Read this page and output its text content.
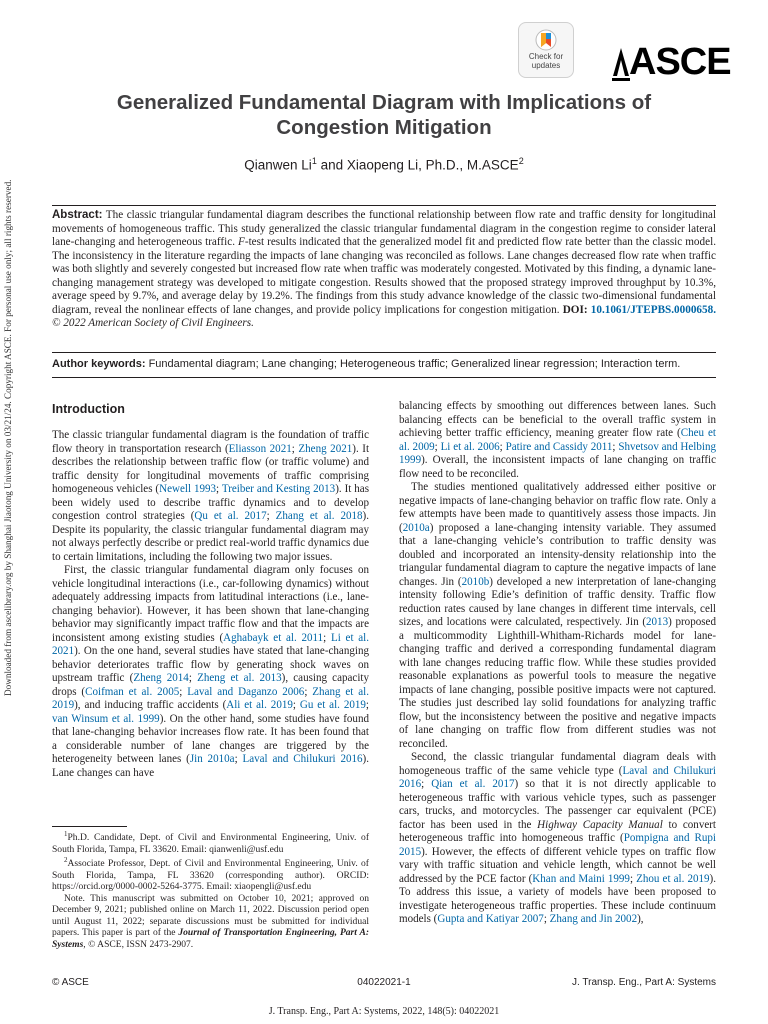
Downloaded from ascelibrary.org by Shanghai Jiaotong University on 03/21/24. Copyright ASCE. For personal use only; all rights reserved.
Check for
updates	ASCE
Generalized Fundamental Diagram with Implications of
Congestion Mitigation
Qianwen Li$^1$ and Xiaopeng Li, Ph.D., M.ASCE$^2$
Abstract: The classic triangular fundamental diagram describes the functional relationship between flow rate and traffic density for longitudinal movements of homogeneous traffic. This study generalized the classic triangular fundamental diagram in the congestion regime to consider lateral lane-changing and heterogeneous traffic. F-test results indicated that the generalized model fit and predicted flow rate better than the classic model. The inconsistency in the literature regarding the impacts of lane changing was reconciled as follows. Lane changes decreased flow rate when traffic was both slightly and severely congested but increased flow rate when traffic was moderately congested. Motivated by this finding, a dynamic lane-changing management strategy was developed to mitigate congestion. Results showed that the proposed strategy improved throughput by 10.3%, average speed by 9.7%, and average delay by 19.2%. The findings from this study advance knowledge of the classic two-dimensional fundamental diagram, reveal the nonlinear effects of lane changes, and provide policy implications for congestion mitigation. DOI: 10.1061/JTEPBS.0000658. © 2022 American Society of Civil Engineers.
Author keywords: Fundamental diagram; Lane changing; Heterogeneous traffic; Generalized linear regression; Interaction term.
Introduction

The classic triangular fundamental diagram is the foundation of traffic flow theory in transportation research (Eliasson 2021; Zheng 2021). It describes the relationship between traffic flow (or traffic volume) and traffic density for longitudinal movements of traffic comprising homogeneous vehicles (Newell 1993; Treiber and Kesting 2013). It has been widely used to describe traffic dynamics and to develop congestion control strategies (Qu et al. 2017; Zhang et al. 2018). Despite its popularity, the classic triangular fundamental diagram may not always perfectly describe or predict real-world traffic dynamics due to certain limitations, including the following two major issues.

First, the classic triangular fundamental diagram only focuses on vehicle longitudinal interactions (i.e., car-following dynamics) without adequately addressing impacts from latitudinal interactions (i.e., lane-changing behavior). However, it has been shown that lane-changing behavior may significantly impact traffic flow and that the impacts are inconsistent among existing studies (Aghabayk et al. 2011; Li et al. 2021). On the one hand, several studies have stated that lane-changing behavior deteriorates traffic flow by generating shock waves on upstream traffic (Zheng 2014; Zheng et al. 2013), causing capacity drops (Coifman et al. 2005; Laval and Daganzo 2006; Zhang et al. 2019), and inducing traffic accidents (Ali et al. 2019; Gu et al. 2019; van Winsum et al. 1999). On the other hand, some studies have found that lane-changing behavior increases flow rate. It has been found that a considerable number of lane changes are triggered by the heterogeneity between lanes (Jin 2010a; Laval and Chilukuri 2016). Lane changes can have

balancing effects by smoothing out differences between lanes. Such balancing effects can be beneficial to the overall traffic system in achieving better traffic efficiency, meaning greater flow rate (Cheu et al. 2009; Li et al. 2006; Patire and Cassidy 2011; Shvetsov and Helbing 1999). Overall, the inconsistent impacts of lane changing on traffic flow need to be reconciled.

The studies mentioned qualitatively addressed either positive or negative impacts of lane-changing behavior on traffic flow rate. Only a few attempts have been made to quantitively assess those impacts. Jin (2010a) proposed a lane-changing intensity variable. They assumed that a lane-changing vehicle’s contribution to traffic density was doubled and incorporated an intensity-density relationship into the triangular fundamental diagram to capture the negative impacts of lane changes. Jin (2010b) developed a new interpretation of lane-changing intensity following Edie’s definition of traffic density. Traffic flow reduction rates caused by lane changes in different time intervals, cell sizes, and locations were calculated, respectively. Jin (2013) proposed a multicommodity Lighthill-Whitham-Richards model for lane-changing traffic and derived a corresponding fundamental diagram with lane changes reducing traffic flow. While these studies provided reasonable explanations as powerful tools to measure the negative impacts of lane changing, possible positive impacts were not captured. The studies just described lay solid foundations for analyzing traffic flow, but the inconsistency between the positive and negative impacts of lane changing on traffic flow from different studies was not reconciled.

Second, the classic triangular fundamental diagram deals with homogeneous traffic of the same vehicle type (Laval and Chilukuri 2016; Qian et al. 2017) so that it is not directly applicable to heterogeneous traffic with various vehicle types, such as passenger cars, trucks, and motorcycles. The passenger car equivalent (PCE) factor has been used in the Highway Capacity Manual to convert heterogeneous traffic into homogeneous traffic (Pompigna and Rupi 2015). However, the effects of different vehicle types on traffic flow vary with traffic situation and vehicle length, which cannot be well addressed by the PCE factor (Khan and Maini 1999; Zhou et al. 2019). To address this issue, a variety of models have been proposed to investigate heterogeneous traffic properties. These include continuum models (Gupta and Katiyar 2007; Zhang and Jin 2002),

$^1$Ph.D. Candidate, Dept. of Civil and Environmental Engineering, Univ. of South Florida, Tampa, FL 33620. Email: qianwenli@usf.edu

$^2$Associate Professor, Dept. of Civil and Environmental Engineering, Univ. of South Florida, Tampa, FL 33620 (corresponding author). ORCID: https://orcid.org/0000-0002-5264-3775. Email: xiaopengli@usf.edu

Note. This manuscript was submitted on October 10, 2021; approved on December 9, 2021; published online on March 11, 2022. Discussion period open until August 11, 2022; separate discussions must be submitted for individual papers. This paper is part of the Journal of Transportation Engineering, Part A: Systems, © ASCE, ISSN 2473-2907.

© ASCE	04022021-1	J. Transp. Eng., Part A: Systems
J. Transp. Eng., Part A: Systems, 2022, 148(5): 04022021
